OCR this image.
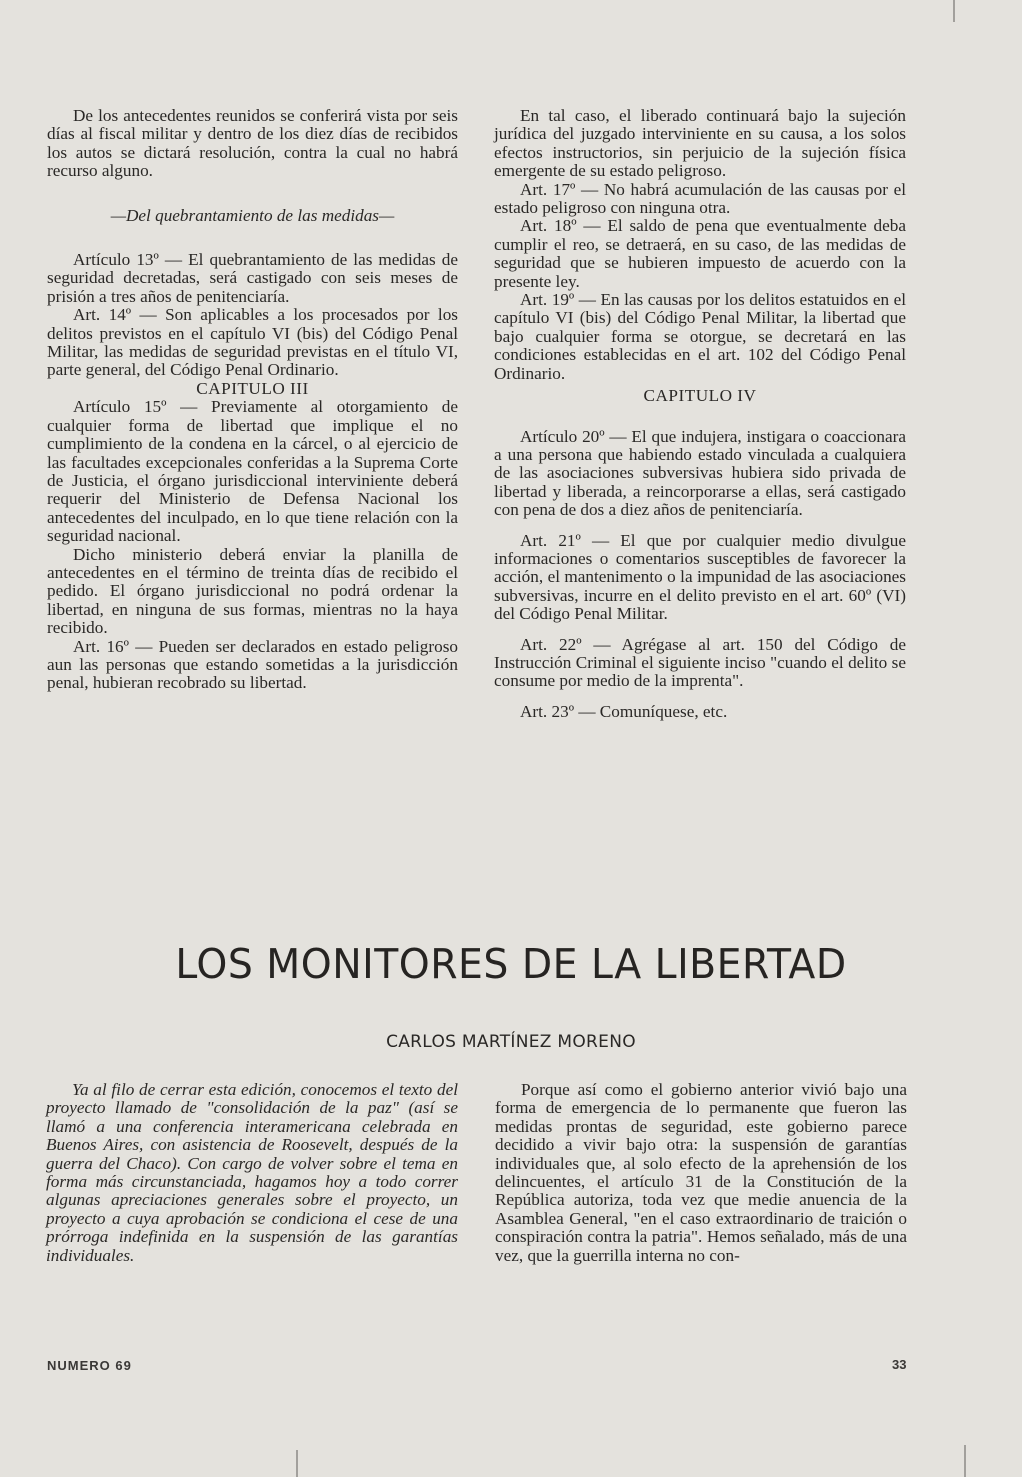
De los antecedentes reunidos se conferirá vista por seis días al fiscal militar y dentro de los diez días de recibidos los autos se dictará resolución, contra la cual no habrá recurso alguno.

—Del quebrantamiento de las medidas—

Artículo 13º — El quebrantamiento de las medidas de seguridad decretadas, será castigado con seis meses de prisión a tres años de penitenciaría.

Art. 14º — Son aplicables a los procesados por los delitos previstos en el capítulo VI (bis) del Código Penal Militar, las medidas de seguridad previstas en el título VI, parte general, del Código Penal Ordinario.

CAPITULO III

Artículo 15º — Previamente al otorgamiento de cualquier forma de libertad que implique el no cumplimiento de la condena en la cárcel, o al ejercicio de las facultades excepcionales conferidas a la Suprema Corte de Justicia, el órgano jurisdiccional interviniente deberá requerir del Ministerio de Defensa Nacional los antecedentes del inculpado, en lo que tiene relación con la seguridad nacional.

Dicho ministerio deberá enviar la planilla de antecedentes en el término de treinta días de recibido el pedido. El órgano jurisdiccional no podrá ordenar la libertad, en ninguna de sus formas, mientras no la haya recibido.

Art. 16º — Pueden ser declarados en estado peligroso aun las personas que estando sometidas a la jurisdicción penal, hubieran recobrado su libertad.

En tal caso, el liberado continuará bajo la sujeción jurídica del juzgado interviniente en su causa, a los solos efectos instructorios, sin perjuicio de la sujeción física emergente de su estado peligroso.

Art. 17º — No habrá acumulación de las causas por el estado peligroso con ninguna otra.

Art. 18º — El saldo de pena que eventualmente deba cumplir el reo, se detraerá, en su caso, de las medidas de seguridad que se hubieren impuesto de acuerdo con la presente ley.

Art. 19º — En las causas por los delitos estatuidos en el capítulo VI (bis) del Código Penal Militar, la libertad que bajo cualquier forma se otorgue, se decretará en las condiciones establecidas en el art. 102 del Código Penal Ordinario.

CAPITULO IV

Artículo 20º — El que indujera, instigara o coaccionara a una persona que habiendo estado vinculada a cualquiera de las asociaciones subversivas hubiera sido privada de libertad y liberada, a reincorporarse a ellas, será castigado con pena de dos a diez años de penitenciaría.

Art. 21º — El que por cualquier medio divulgue informaciones o comentarios susceptibles de favorecer la acción, el mantenimento o la impunidad de las asociaciones subversivas, incurre en el delito previsto en el art. 60º (VI) del Código Penal Militar.

Art. 22º — Agrégase al art. 150 del Código de Instrucción Criminal el siguiente inciso "cuando el delito se consume por medio de la imprenta".

Art. 23º — Comuníquese, etc.

LOS MONITORES DE LA LIBERTAD
CARLOS MARTÍNEZ MORENO

Ya al filo de cerrar esta edición, conocemos el texto del proyecto llamado de "consolidación de la paz" (así se llamó a una conferencia interamericana celebrada en Buenos Aires, con asistencia de Roosevelt, después de la guerra del Chaco). Con cargo de volver sobre el tema en forma más circunstanciada, hagamos hoy a todo correr algunas apreciaciones generales sobre el proyecto, un proyecto a cuya aprobación se condiciona el cese de una prórroga indefinida en la suspensión de las garantías individuales.

Porque así como el gobierno anterior vivió bajo una forma de emergencia de lo permanente que fueron las medidas prontas de seguridad, este gobierno parece decidido a vivir bajo otra: la suspensión de garantías individuales que, al solo efecto de la aprehensión de los delincuentes, el artículo 31 de la Constitución de la República autoriza, toda vez que medie anuencia de la Asamblea General, "en el caso extraordinario de traición o conspiración contra la patria". Hemos señalado, más de una vez, que la guerrilla interna no con-

NUMERO 69	33
